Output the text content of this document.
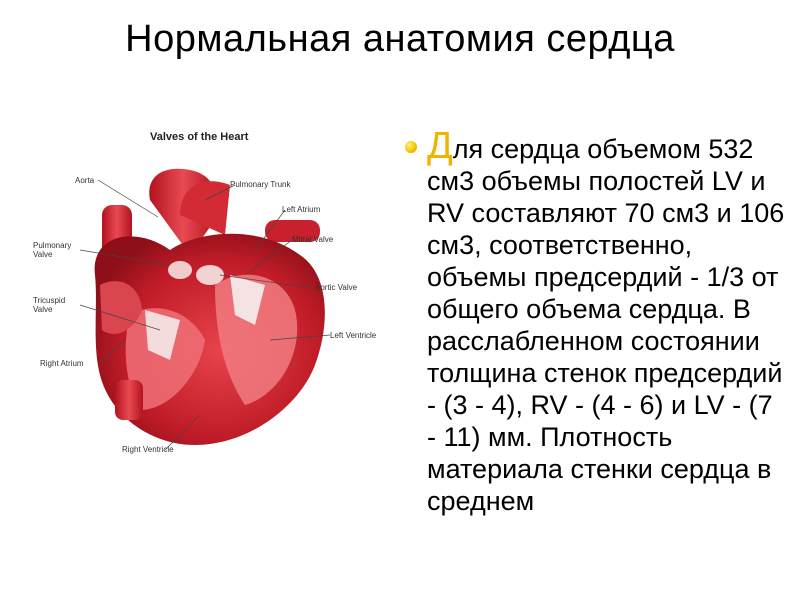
Нормальная анатомия сердца
Valves of the Heart
Aorta
Pulmonary
Valve
Tricuspid
Valve
Right Atrium
Right Ventricle
Pulmonary Trunk
Left Atrium
Mitral Valve
Aortic Valve
Left Ventricle
Для сердца объемом 532 см3 объемы полостей LV и RV составляют 70 см3 и 106 см3, соответственно, объемы предсердий - 1/3 от общего объема сердца. В расслабленном состоянии толщина стенок предсердий - (3 - 4), RV - (4 - 6) и LV - (7 - 11) мм. Плотность материала стенки сердца в среднем
